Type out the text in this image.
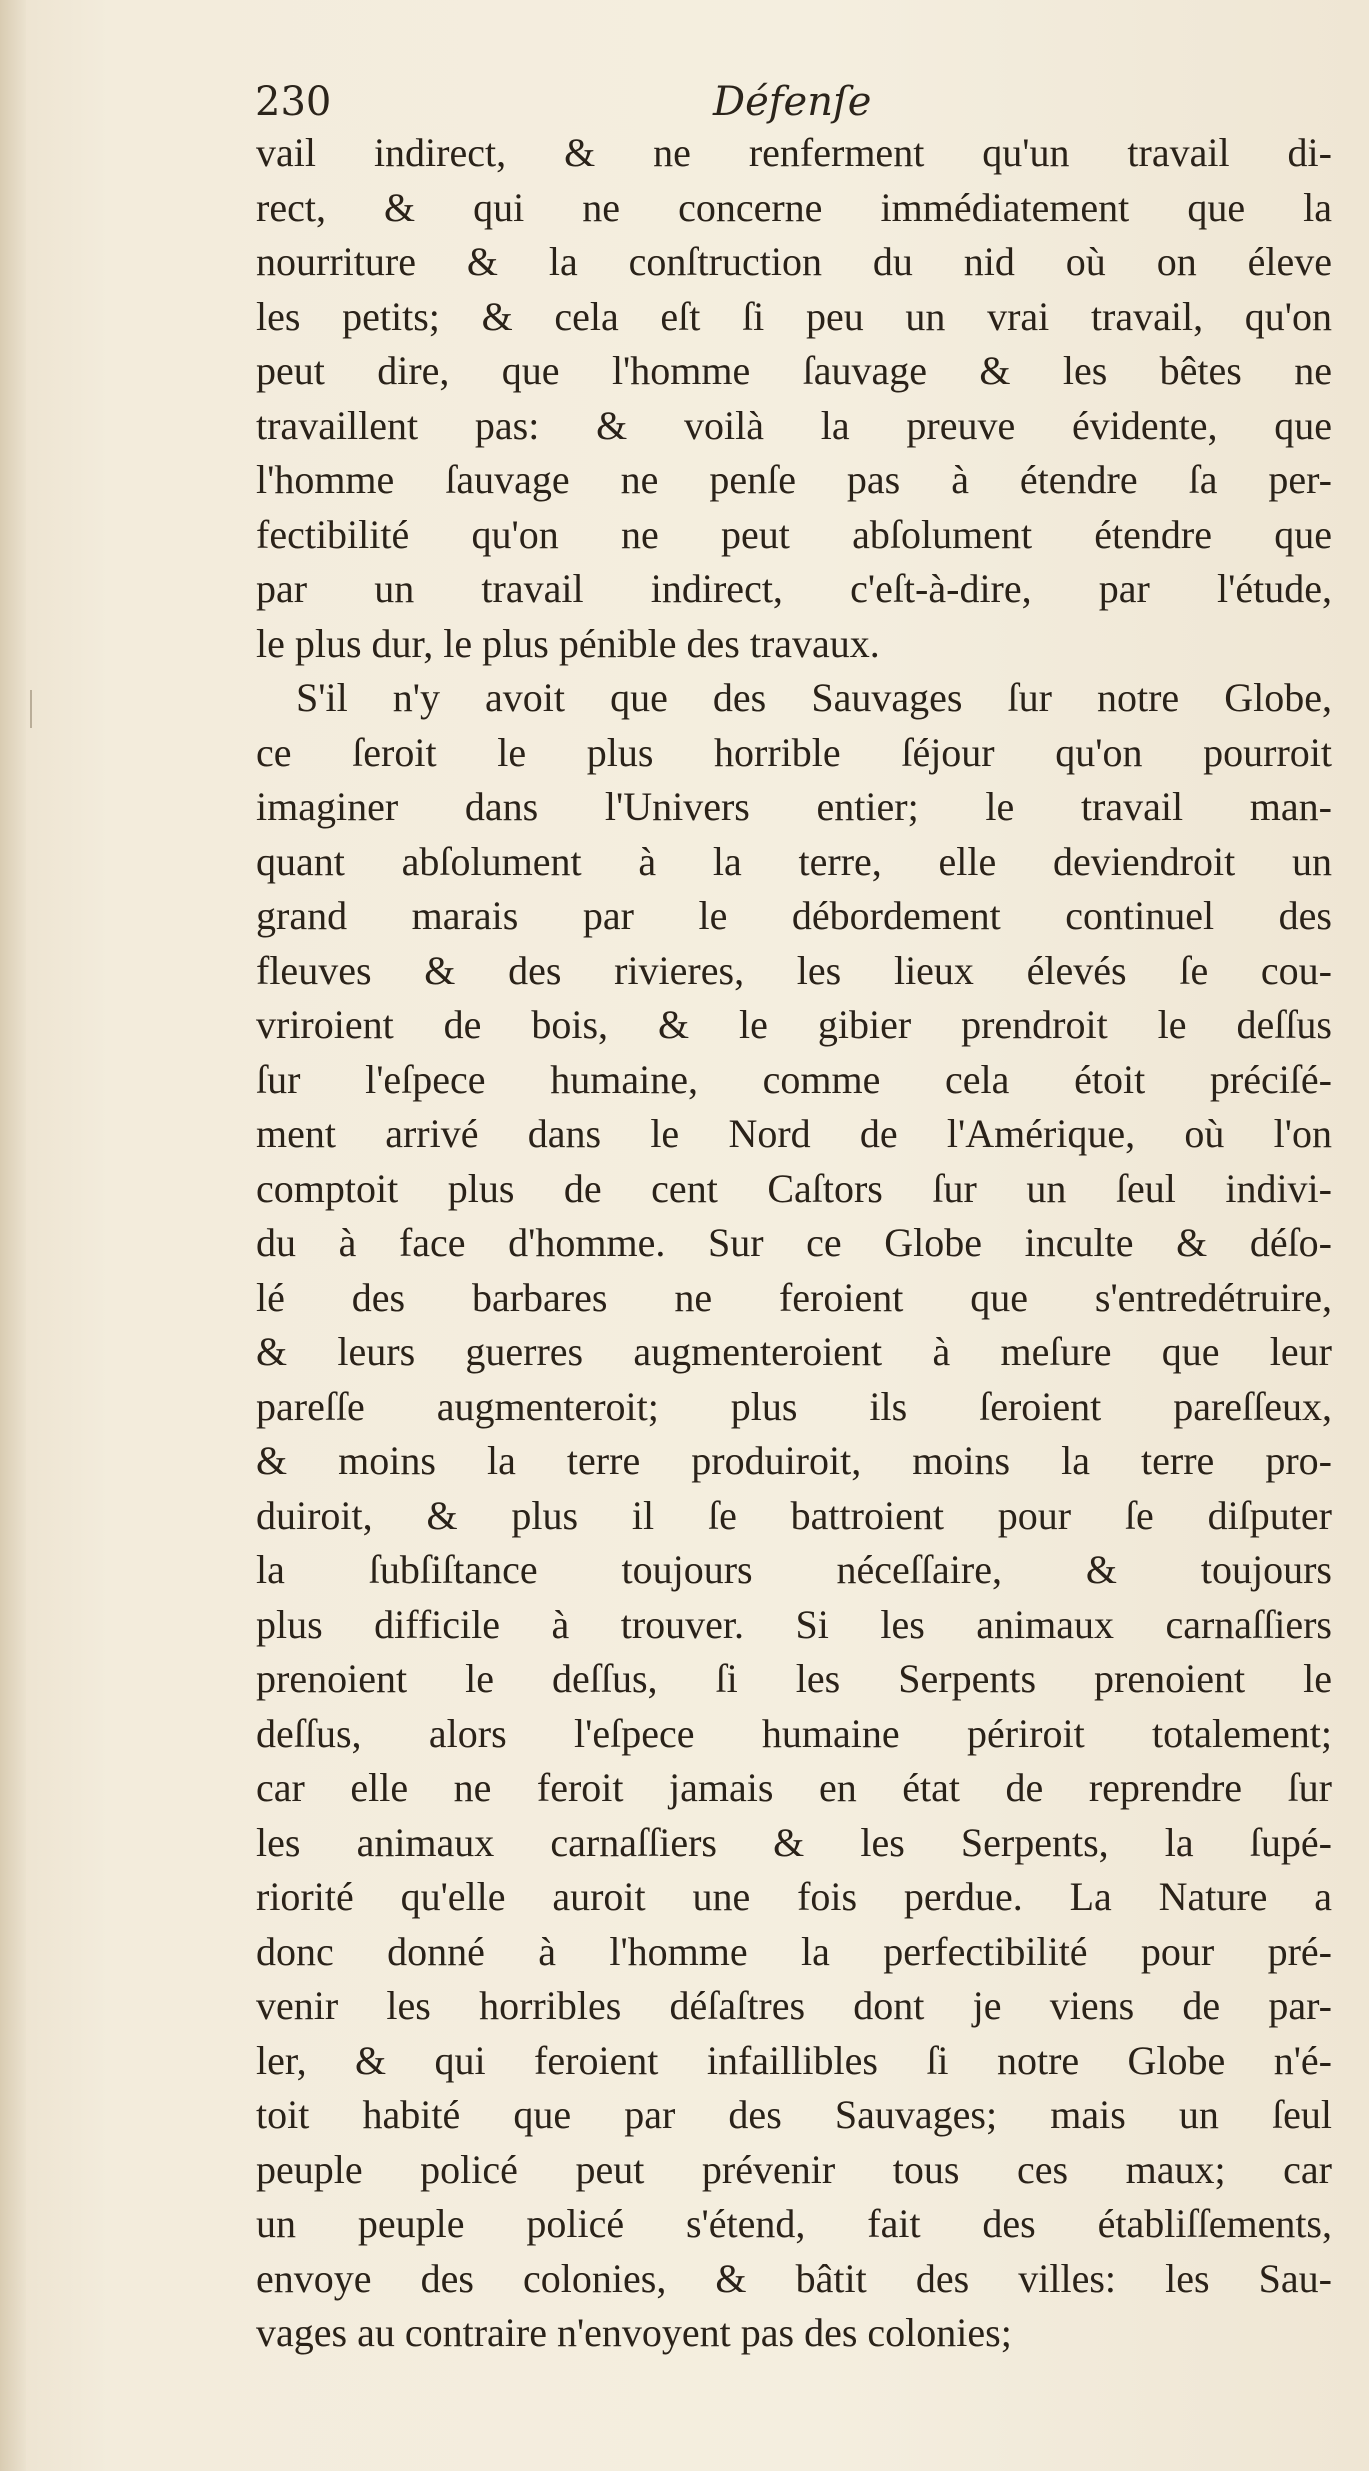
230	Défenſe
vail indirect, & ne renferment qu'un travail di-
rect, & qui ne concerne immédiatement que la
nourriture & la conſtruction du nid où on éleve
les petits; & cela eſt ſi peu un vrai travail, qu'on
peut dire, que l'homme ſauvage & les bêtes ne
travaillent pas: & voilà la preuve évidente, que
l'homme ſauvage ne penſe pas à étendre ſa per-
fectibilité qu'on ne peut abſolument étendre que
par un travail indirect, c'eſt-à-dire, par l'étude,
le plus dur, le plus pénible des travaux.
S'il n'y avoit que des Sauvages ſur notre Globe,
ce ſeroit le plus horrible ſéjour qu'on pourroit
imaginer dans l'Univers entier; le travail man-
quant abſolument à la terre, elle deviendroit un
grand marais par le débordement continuel des
fleuves & des rivieres, les lieux élevés ſe cou-
vriroient de bois, & le gibier prendroit le deſſus
ſur l'eſpece humaine, comme cela étoit préciſé-
ment arrivé dans le Nord de l'Amérique, où l'on
comptoit plus de cent Caſtors ſur un ſeul indivi-
du à face d'homme. Sur ce Globe inculte & déſo-
lé des barbares ne feroient que s'entredétruire,
& leurs guerres augmenteroient à meſure que leur
pareſſe augmenteroit; plus ils ſeroient pareſſeux,
& moins la terre produiroit, moins la terre pro-
duiroit, & plus il ſe battroient pour ſe diſputer
la ſubſiſtance toujours néceſſaire, & toujours
plus difficile à trouver. Si les animaux carnaſſiers
prenoient le deſſus, ſi les Serpents prenoient le
deſſus, alors l'eſpece humaine périroit totalement;
car elle ne feroit jamais en état de reprendre ſur
les animaux carnaſſiers & les Serpents, la ſupé-
riorité qu'elle auroit une fois perdue. La Nature a
donc donné à l'homme la perfectibilité pour pré-
venir les horribles déſaſtres dont je viens de par-
ler, & qui feroient infaillibles ſi notre Globe n'é-
toit habité que par des Sauvages; mais un ſeul
peuple policé peut prévenir tous ces maux; car
un peuple policé s'étend, fait des établiſſements,
envoye des colonies, & bâtit des villes: les Sau-
vages au contraire n'envoyent pas des colonies;
